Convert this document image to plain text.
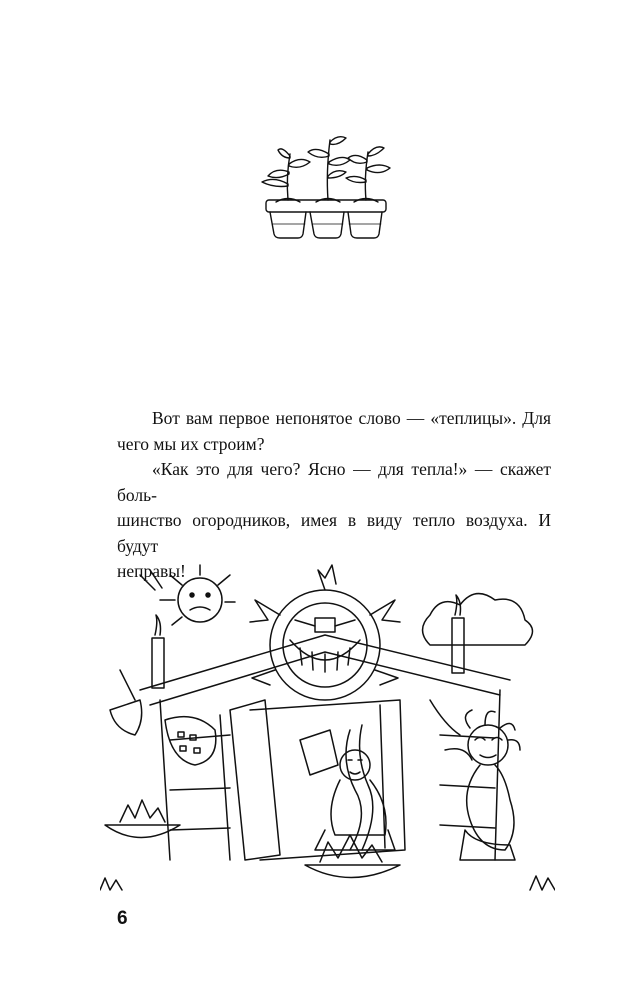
Вот вам первое непонятое слово — «теплицы». Для
чего мы их строим?

«Как это для чего? Ясно — для тепла!» — скажет боль-
шинство огородников, имея в виду тепло воздуха. И будут
неправы!

6
